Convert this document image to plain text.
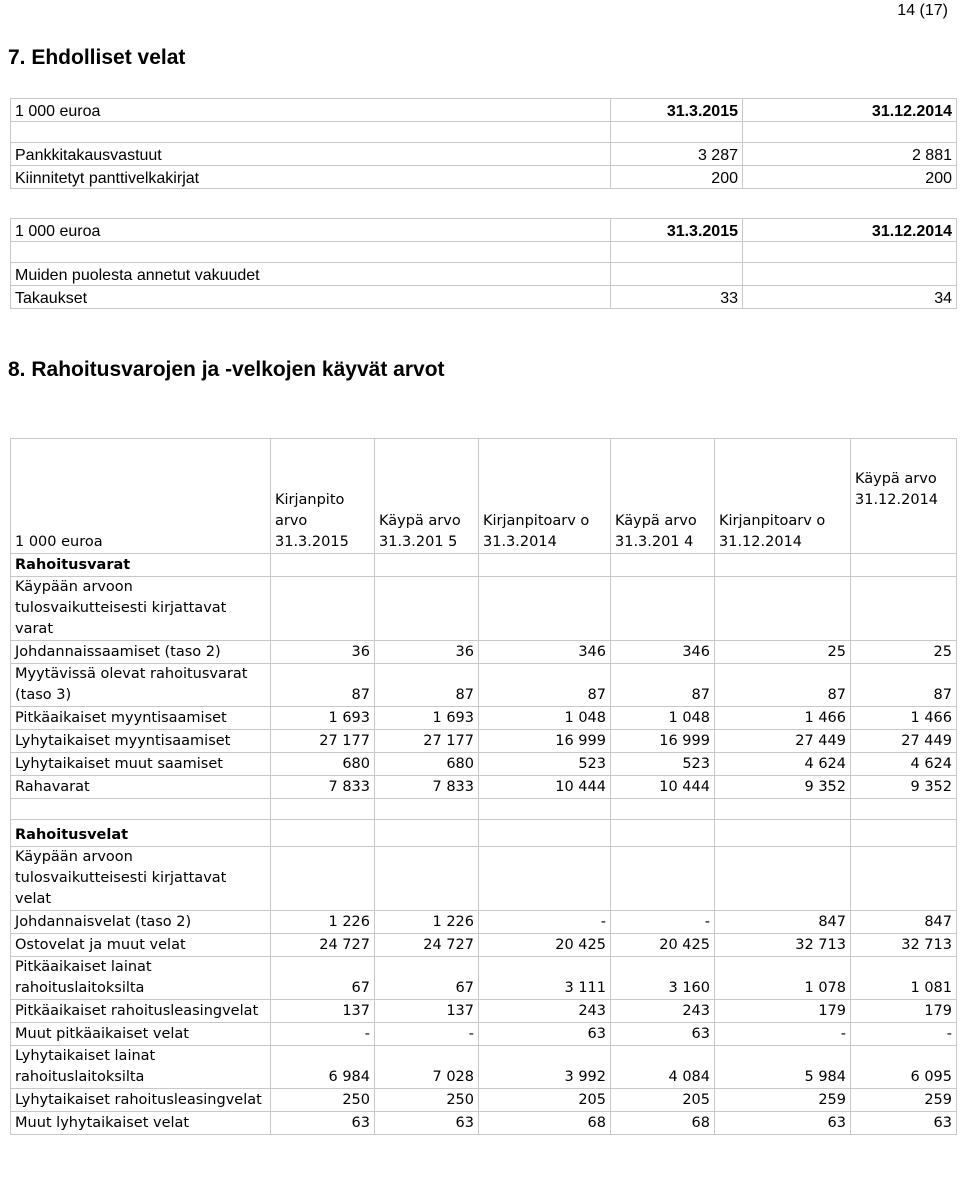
14 (17)
7. Ehdolliset velat
1 000 euroa	31.3.2015	31.12.2014

Pankkitakausvastuut	3 287	2 881
Kiinnitetyt panttivelkakirjat	200	200
1 000 euroa	31.3.2015	31.12.2014

Muiden puolesta annetut vakuudet		
Takaukset	33	34
8. Rahoitusvarojen ja -velkojen käyvät arvot
1 000 euroa	Kirjanpito arvo 31.3.2015	Käypä arvo 31.3.201 5	Kirjanpitoarv o 31.3.2014	Käypä arvo 31.3.201 4	Kirjanpitoarv o 31.12.2014	Käypä arvo 31.12.2014
Rahoitusvarat						
Käypään arvoon tulosvaikutteisesti kirjattavat varat						
Johdannaissaamiset (taso 2)	36	36	346	346	25	25
Myytävissä olevat rahoitusvarat (taso 3)	87	87	87	87	87	87
Pitkäaikaiset myyntisaamiset	1 693	1 693	1 048	1 048	1 466	1 466
Lyhytaikaiset myyntisaamiset	27 177	27 177	16 999	16 999	27 449	27 449
Lyhytaikaiset muut saamiset	680	680	523	523	4 624	4 624
Rahavarat	7 833	7 833	10 444	10 444	9 352	9 352

Rahoitusvelat						
Käypään arvoon tulosvaikutteisesti kirjattavat velat						
Johdannaisvelat (taso 2)	1 226	1 226	-	-	847	847
Ostovelat ja muut velat	24 727	24 727	20 425	20 425	32 713	32 713
Pitkäaikaiset lainat rahoituslaitoksilta	67	67	3 111	3 160	1 078	1 081
Pitkäaikaiset rahoitusleasingvelat	137	137	243	243	179	179
Muut pitkäaikaiset velat	-	-	63	63	-	-
Lyhytaikaiset lainat rahoituslaitoksilta	6 984	7 028	3 992	4 084	5 984	6 095
Lyhytaikaiset rahoitusleasingvelat	250	250	205	205	259	259
Muut lyhytaikaiset velat	63	63	68	68	63	63
